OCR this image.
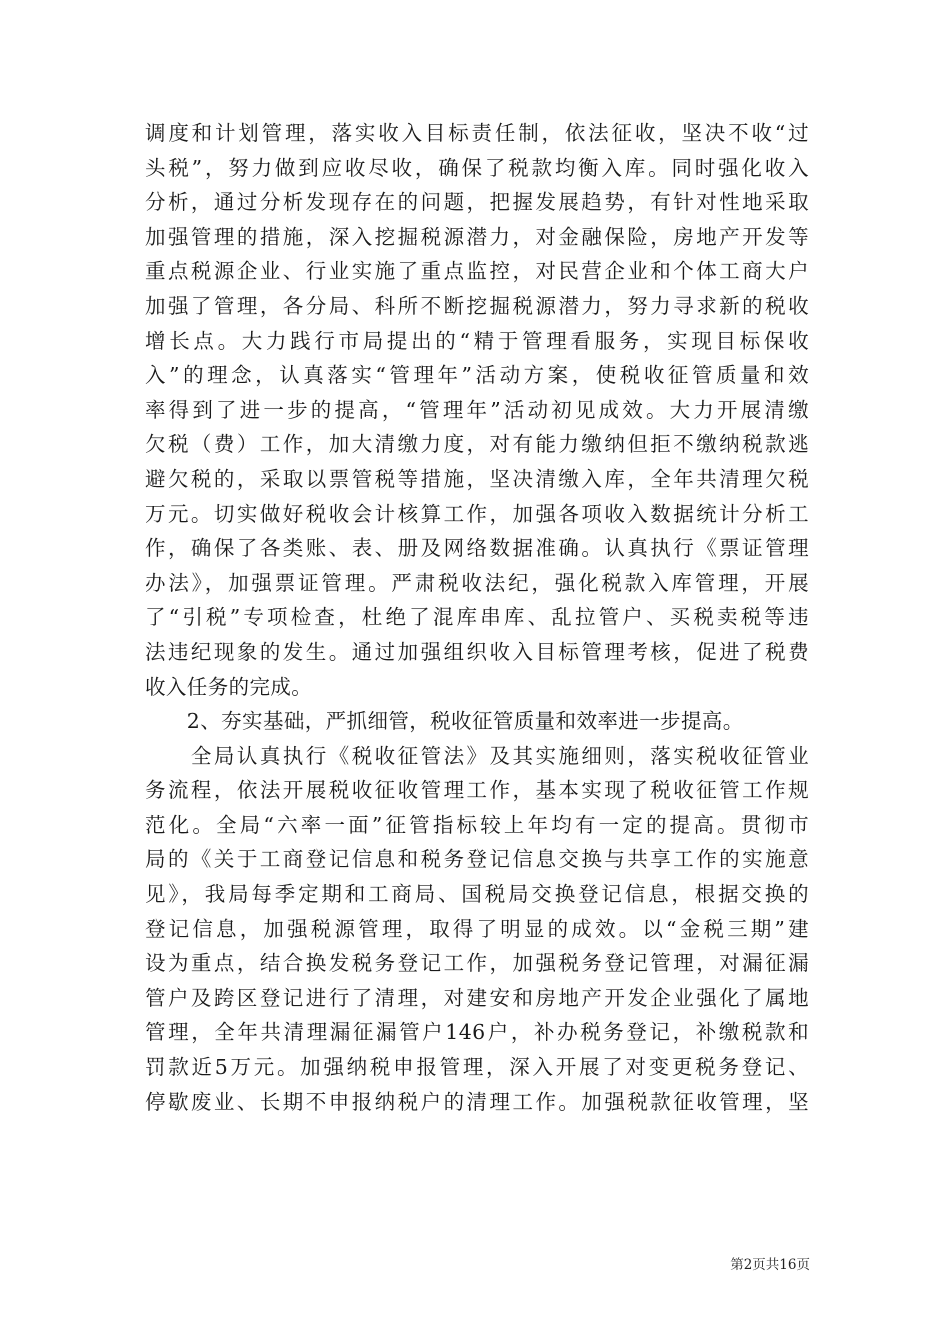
调度和计划管理，落实收入目标责任制，依法征收，坚决不收“过
头税”，努力做到应收尽收，确保了税款均衡入库。同时强化收入
分析，通过分析发现存在的问题，把握发展趋势，有针对性地采取
加强管理的措施，深入挖掘税源潜力，对金融保险，房地产开发等
重点税源企业、行业实施了重点监控，对民营企业和个体工商大户
加强了管理，各分局、科所不断挖掘税源潜力，努力寻求新的税收
增长点。大力践行市局提出的“精于管理看服务，实现目标保收
入”的理念，认真落实“管理年”活动方案，使税收征管质量和效
率得到了进一步的提高，“管理年”活动初见成效。大力开展清缴
欠税（费）工作，加大清缴力度，对有能力缴纳但拒不缴纳税款逃
避欠税的，采取以票管税等措施，坚决清缴入库，全年共清理欠税
万元。切实做好税收会计核算工作，加强各项收入数据统计分析工
作，确保了各类账、表、册及网络数据准确。认真执行《票证管理
办法》，加强票证管理。严肃税收法纪，强化税款入库管理，开展
了“引税”专项检查，杜绝了混库串库、乱拉管户、买税卖税等违
法违纪现象的发生。通过加强组织收入目标管理考核，促进了税费
收入任务的完成。
　　2、夯实基础，严抓细管，税收征管质量和效率进一步提高。
　　全局认真执行《税收征管法》及其实施细则，落实税收征管业
务流程，依法开展税收征收管理工作，基本实现了税收征管工作规
范化。全局“六率一面”征管指标较上年均有一定的提高。贯彻市
局的《关于工商登记信息和税务登记信息交换与共享工作的实施意
见》，我局每季定期和工商局、国税局交换登记信息，根据交换的
登记信息，加强税源管理，取得了明显的成效。以“金税三期”建
设为重点，结合换发税务登记工作，加强税务登记管理，对漏征漏
管户及跨区登记进行了清理，对建安和房地产开发企业强化了属地
管理，全年共清理漏征漏管户146户，补办税务登记，补缴税款和
罚款近5万元。加强纳税申报管理，深入开展了对变更税务登记、
停歇废业、长期不申报纳税户的清理工作。加强税款征收管理，坚
第2页共16页
